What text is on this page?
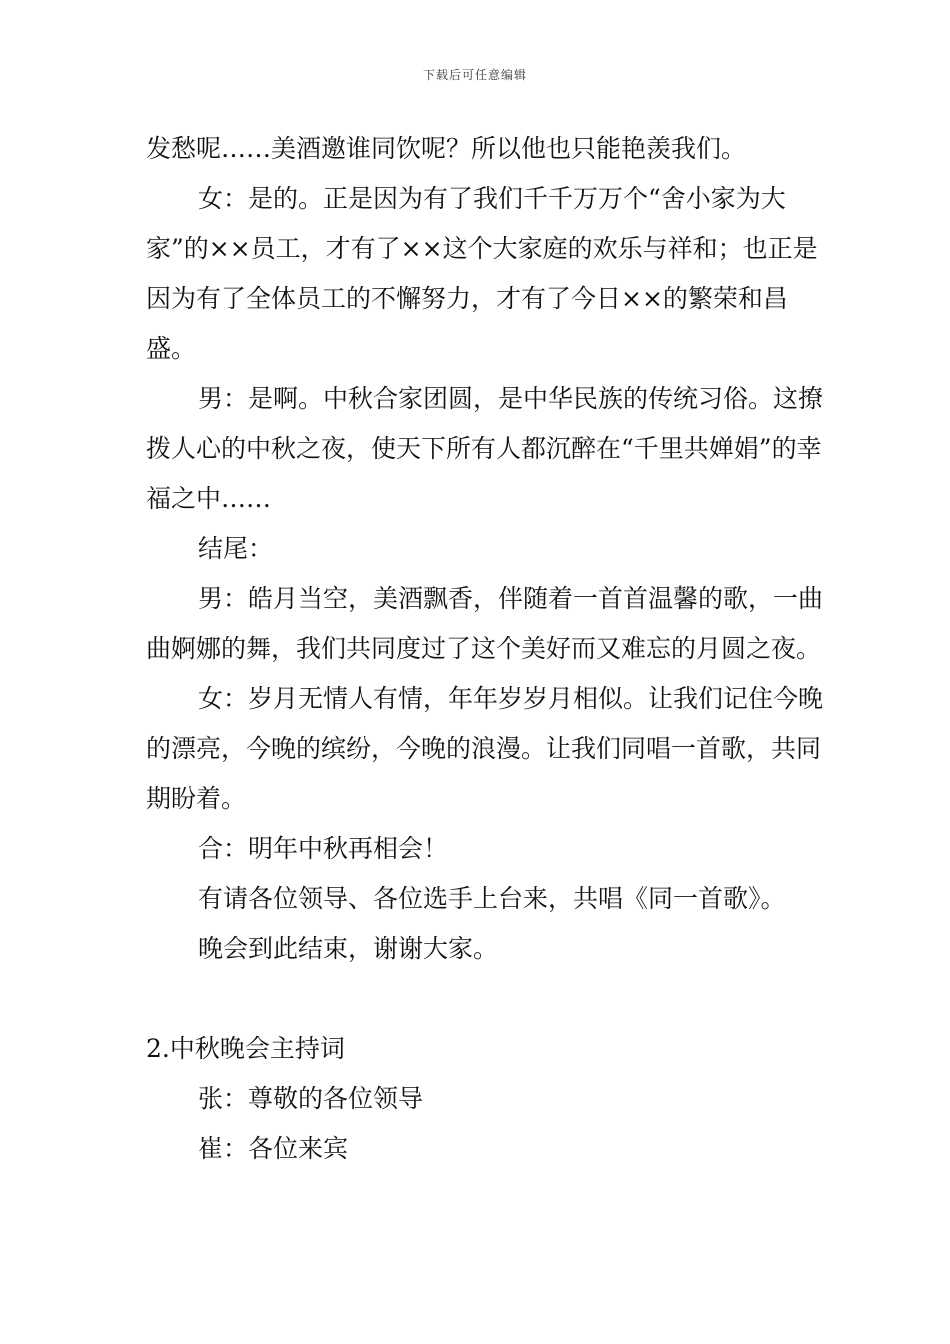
下载后可任意编辑

发愁呢……美酒邀谁同饮呢？所以他也只能艳羡我们。

女：是的。正是因为有了我们千千万万个“舍小家为大家”的××员工，才有了××这个大家庭的欢乐与祥和；也正是因为有了全体员工的不懈努力，才有了今日××的繁荣和昌盛。

男：是啊。中秋合家团圆，是中华民族的传统习俗。这撩拨人心的中秋之夜，使天下所有人都沉醉在“千里共婵娟”的幸福之中……

结尾：

男：皓月当空，美酒飘香，伴随着一首首温馨的歌，一曲曲婀娜的舞，我们共同度过了这个美好而又难忘的月圆之夜。

女：岁月无情人有情，年年岁岁月相似。让我们记住今晚的漂亮，今晚的缤纷，今晚的浪漫。让我们同唱一首歌，共同期盼着。

合：明年中秋再相会！

有请各位领导、各位选手上台来，共唱《同一首歌》。

晚会到此结束，谢谢大家。

2.中秋晚会主持词

张：尊敬的各位领导

崔：各位来宾
